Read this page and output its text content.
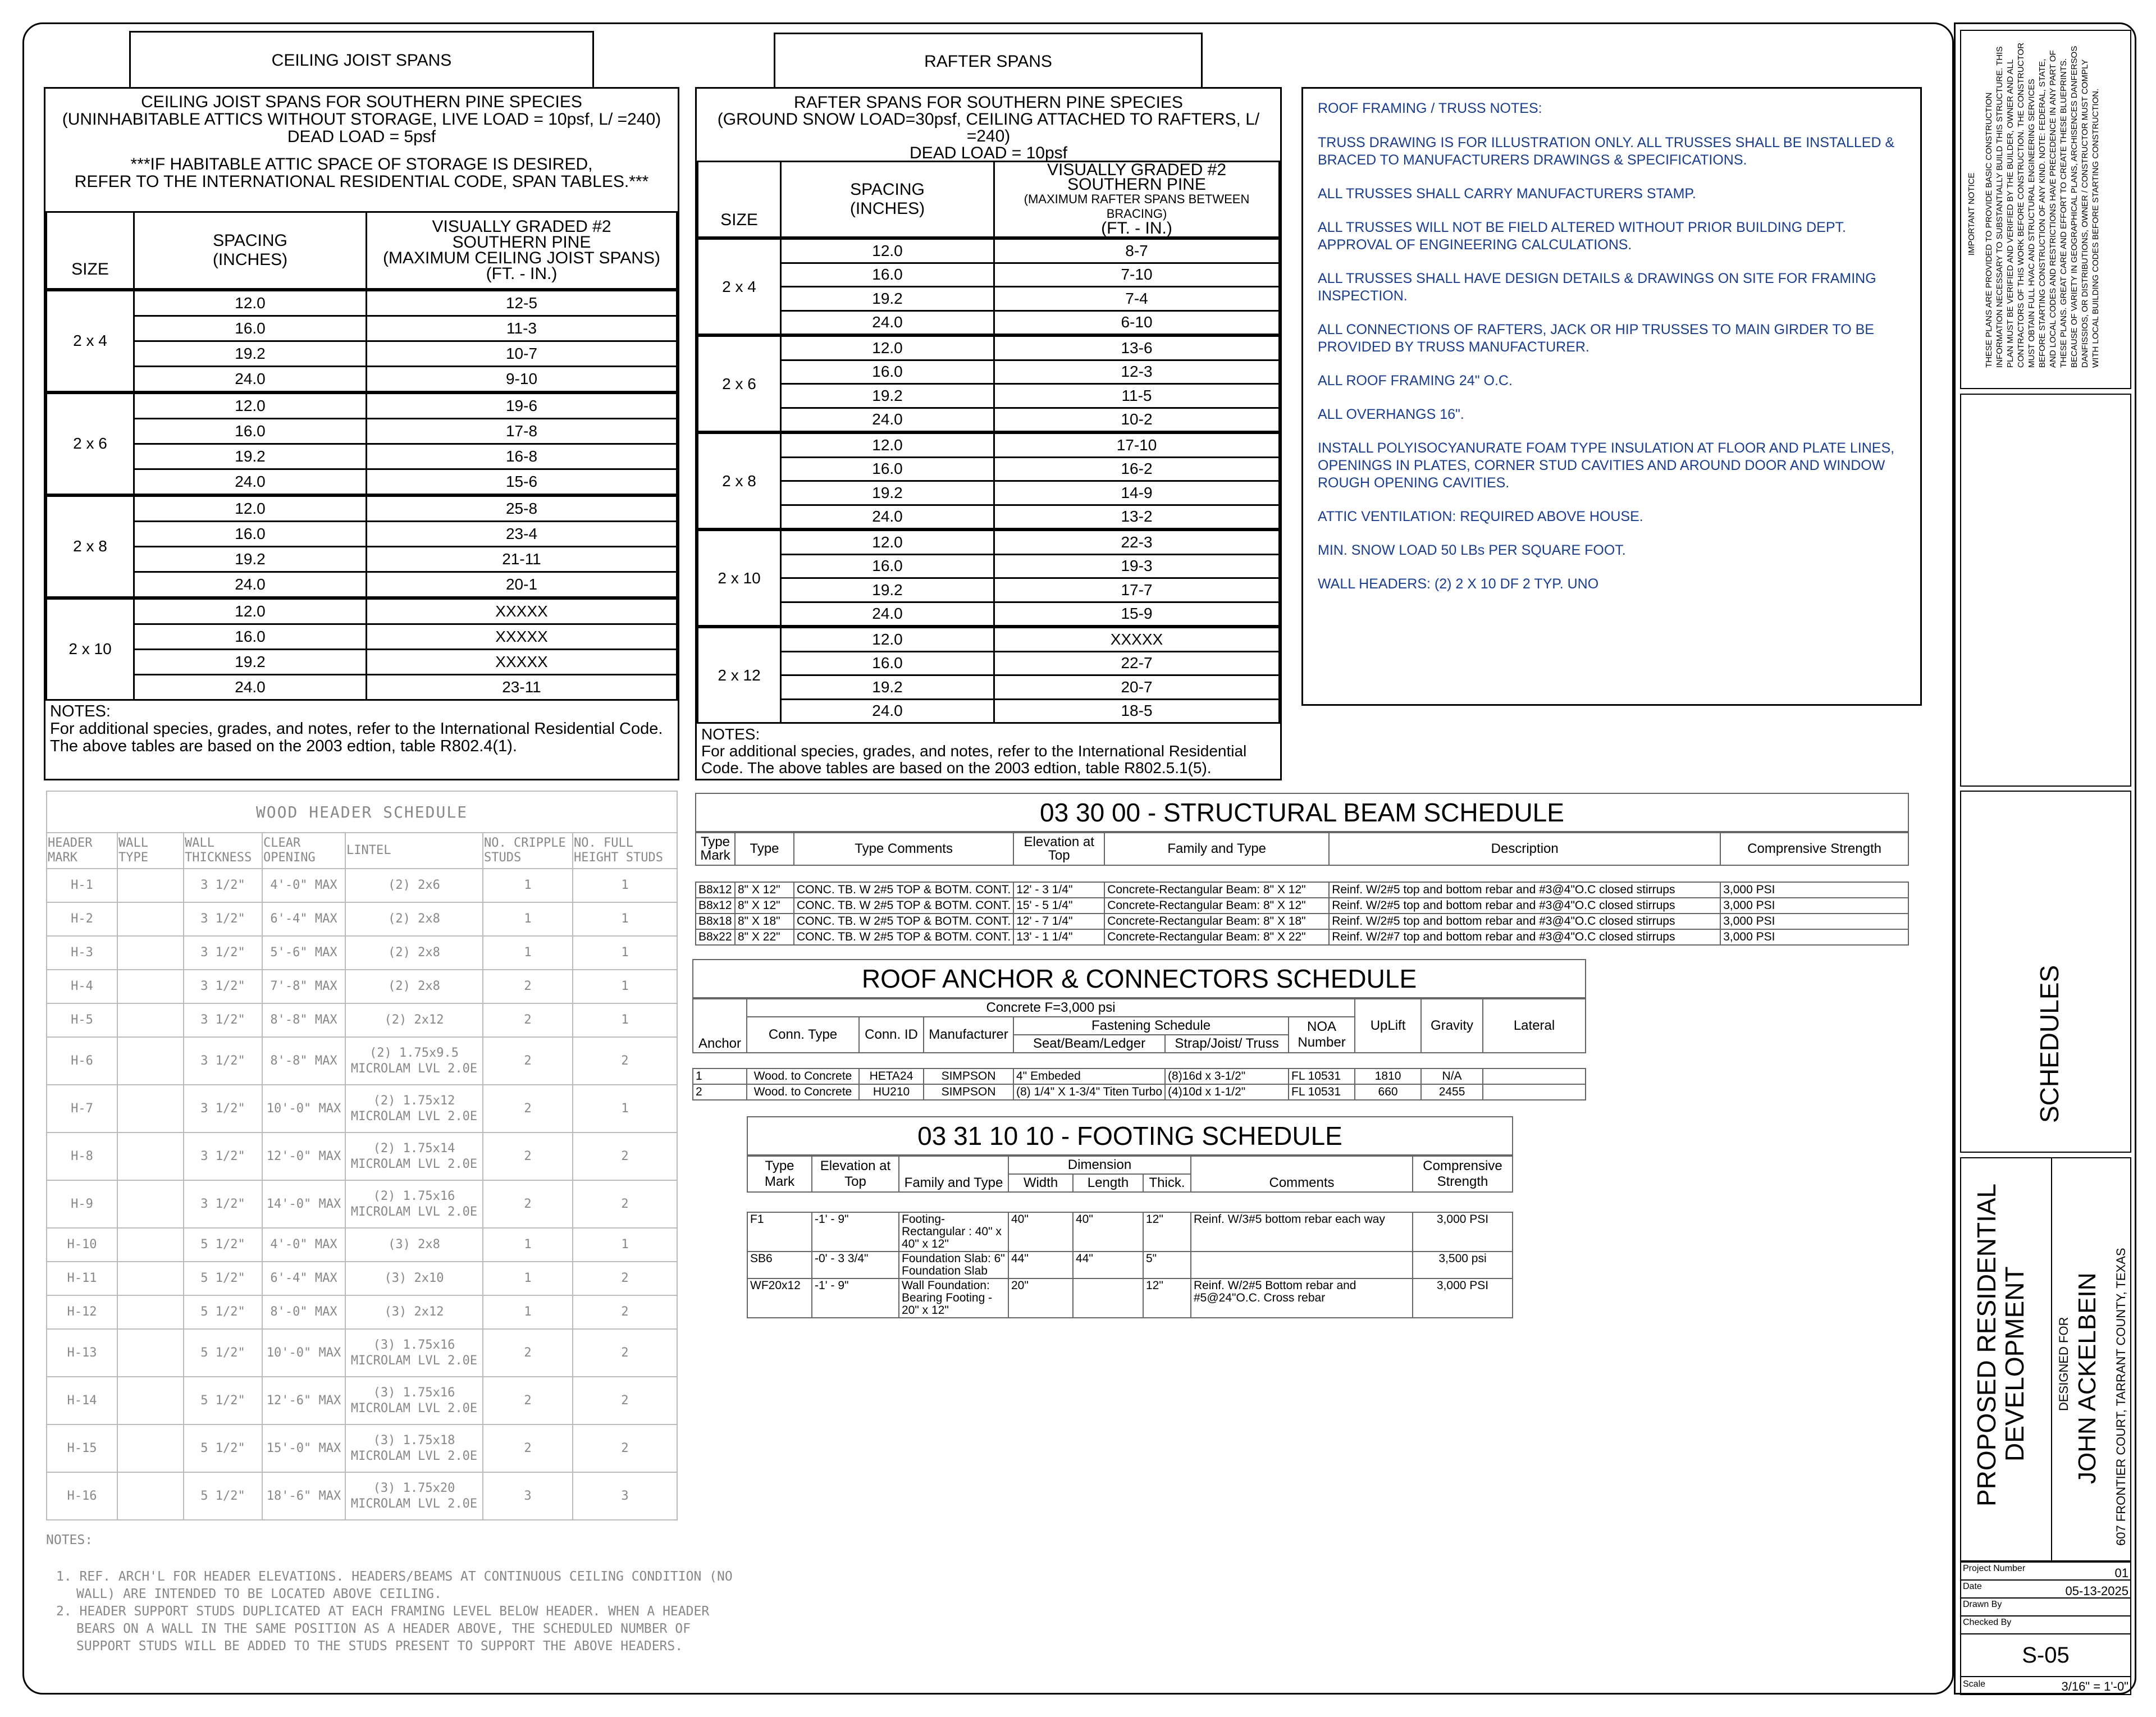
CEILING JOIST SPANS
CEILING JOIST SPANS FOR SOUTHERN PINE SPECIES
(UNINHABITABLE ATTICS WITHOUT STORAGE, LIVE LOAD = 10psf, L/ =240)
DEAD LOAD = 5psf
***IF HABITABLE ATTIC SPACE OF STORAGE IS DESIRED,
REFER TO THE INTERNATIONAL RESIDENTIAL CODE, SPAN TABLES.***
SIZE	SPACING (INCHES)	VISUALLY GRADED #2
SOUTHERN PINE
(MAXIMUM CEILING JOIST SPANS)
(FT. - IN.)

2 x 4	12.0	12-5
	16.0	11-3
	19.2	10-7
	24.0	9-10
2 x 6	12.0	19-6
	16.0	17-8
	19.2	16-8
	24.0	15-6
2 x 8	12.0	25-8
	16.0	23-4
	19.2	21-11
	24.0	20-1
2 x 10	12.0	XXXXX
	16.0	XXXXX
	19.2	XXXXX
	24.0	23-11
NOTES:
For additional species, grades, and notes, refer to the International Residential Code. The above tables are based on the 2003 edtion, table R802.4(1).
RAFTER SPANS
RAFTER SPANS FOR SOUTHERN PINE SPECIES
(GROUND SNOW LOAD=30psf, CEILING ATTACHED TO RAFTERS, L/ =240)
DEAD LOAD = 10psf
SIZE	SPACING (INCHES)	VISUALLY GRADED #2
SOUTHERN PINE
(MAXIMUM RAFTER SPANS BETWEEN BRACING)
(FT. - IN.)

2 x 4	12.0	8-7
	16.0	7-10
	19.2	7-4
	24.0	6-10
2 x 6	12.0	13-6
	16.0	12-3
	19.2	11-5
	24.0	10-2
2 x 8	12.0	17-10
	16.0	16-2
	19.2	14-9
	24.0	13-2
2 x 10	12.0	22-3
	16.0	19-3
	19.2	17-7
	24.0	15-9
2 x 12	12.0	XXXXX
	16.0	22-7
	19.2	20-7
	24.0	18-5
NOTES:
For additional species, grades, and notes, refer to the International Residential Code. The above tables are based on the 2003 edtion, table R802.5.1(5).
ROOF FRAMING / TRUSS NOTES:
TRUSS DRAWING IS FOR ILLUSTRATION ONLY. ALL TRUSSES SHALL BE INSTALLED & BRACED TO MANUFACTURERS DRAWINGS & SPECIFICATIONS.
ALL TRUSSES SHALL CARRY MANUFACTURERS STAMP.
ALL TRUSSES WILL NOT BE FIELD ALTERED WITHOUT PRIOR BUILDING DEPT. APPROVAL OF ENGINEERING CALCULATIONS.
ALL TRUSSES SHALL HAVE DESIGN DETAILS & DRAWINGS ON SITE FOR FRAMING INSPECTION.
ALL CONNECTIONS OF RAFTERS, JACK OR HIP TRUSSES TO MAIN GIRDER TO BE PROVIDED BY TRUSS MANUFACTURER.
ALL ROOF FRAMING 24" O.C.
ALL OVERHANGS 16".
INSTALL POLYISOCYANURATE FOAM TYPE INSULATION AT FLOOR AND PLATE LINES, OPENINGS IN PLATES, CORNER STUD CAVITIES AND AROUND DOOR AND WINDOW ROUGH OPENING CAVITIES.
ATTIC VENTILATION: REQUIRED ABOVE HOUSE.
MIN. SNOW LOAD 50 LBs PER SQUARE FOOT.
WALL HEADERS: (2) 2 X 10 DF 2 TYP. UNO
WOOD HEADER SCHEDULE						
HEADER MARK	WALL TYPE	WALL THICKNESS	CLEAR OPENING	LINTEL	NO. CRIPPLE STUDS	NO. FULL HEIGHT STUDS
H-1		3 1/2"	4'-0" MAX	(2) 2x6	1	1
H-2		3 1/2"	6'-4" MAX	(2) 2x8	1	1
H-3		3 1/2"	5'-6" MAX	(2) 2x8	1	1
H-4		3 1/2"	7'-8" MAX	(2) 2x8	2	1
H-5		3 1/2"	8'-8" MAX	(2) 2x12	2	1
H-6		3 1/2"	8'-8" MAX	(2) 1.75x9.5 MICROLAM LVL 2.0E	2	2
H-7		3 1/2"	10'-0" MAX	(2) 1.75x12 MICROLAM LVL 2.0E	2	1
H-8		3 1/2"	12'-0" MAX	(2) 1.75x14 MICROLAM LVL 2.0E	2	2
H-9		3 1/2"	14'-0" MAX	(2) 1.75x16 MICROLAM LVL 2.0E	2	2
H-10		5 1/2"	4'-0" MAX	(3) 2x8	1	1
H-11		5 1/2"	6'-4" MAX	(3) 2x10	1	2
H-12		5 1/2"	8'-0" MAX	(3) 2x12	1	2
H-13		5 1/2"	10'-0" MAX	(3) 1.75x16 MICROLAM LVL 2.0E	2	2
H-14		5 1/2"	12'-6" MAX	(3) 1.75x16 MICROLAM LVL 2.0E	2	2
H-15		5 1/2"	15'-0" MAX	(3) 1.75x18 MICROLAM LVL 2.0E	2	2
H-16		5 1/2"	18'-6" MAX	(3) 1.75x20 MICROLAM LVL 2.0E	3	3
NOTES:
1. REF. ARCH'L FOR HEADER ELEVATIONS. HEADERS/BEAMS AT CONTINUOUS CEILING CONDITION (NO WALL) ARE INTENDED TO BE LOCATED ABOVE CEILING.
2. HEADER SUPPORT STUDS DUPLICATED AT EACH FRAMING LEVEL BELOW HEADER. WHEN A HEADER BEARS ON A WALL IN THE SAME POSITION AS A HEADER ABOVE, THE SCHEDULED NUMBER OF SUPPORT STUDS WILL BE ADDED TO THE STUDS PRESENT TO SUPPORT THE ABOVE HEADERS.
03 30 00 - STRUCTURAL BEAM SCHEDULE
Type Mark	Type	Type Comments	Elevation at Top	Family and Type	Description	Comprensive Strength

B8x12	8" X 12"	CONC. TB. W 2#5 TOP & BOTM. CONT.	12' - 3 1/4"	Concrete-Rectangular Beam: 8" X 12"	Reinf. W/2#5 top and bottom rebar and #3@4"O.C closed stirrups	3,000 PSI
B8x12	8" X 12"	CONC. TB. W 2#5 TOP & BOTM. CONT.	15' - 5 1/4"	Concrete-Rectangular Beam: 8" X 12"	Reinf. W/2#5 top and bottom rebar and #3@4"O.C closed stirrups	3,000 PSI
B8x18	8" X 18"	CONC. TB. W 2#5 TOP & BOTM. CONT.	12' - 7 1/4"	Concrete-Rectangular Beam: 8" X 18"	Reinf. W/2#5 top and bottom rebar and #3@4"O.C closed stirrups	3,000 PSI
B8x22	8" X 22"	CONC. TB. W 2#5 TOP & BOTM. CONT.	13' - 1 1/4"	Concrete-Rectangular Beam: 8" X 22"	Reinf. W/2#7 top and bottom rebar and #3@4"O.C closed stirrups	3,000 PSI
ROOF ANCHOR & CONNECTORS SCHEDULE
Anchor	Concrete F=3,000 psi						UpLift	Gravity	Lateral
	Conn. Type	Conn. ID	Manufacturer	Fastening Schedule		NOA Number			
				Seat/Beam/Ledger	Strap/Joist/ Truss				

1	Wood. to Concrete	HETA24	SIMPSON	4" Embeded	(8)16d x 3-1/2"	FL 10531	1810	N/A	
2	Wood. to Concrete	HU210	SIMPSON	(8) 1/4" X 1-3/4" Titen Turbo	(4)10d x 1-1/2"	FL 10531	660	2455	
03 31 10 10 - FOOTING SCHEDULE
Type Mark	Elevation at Top	Family and Type	Dimension			Comments	Comprensive Strength
			Width	Length	Thick.		

F1	-1' - 9"	Footing-Rectangular : 40" x 40" x 12"	40"	40"	12"	Reinf. W/3#5 bottom rebar each way	3,000 PSI
SB6	-0' - 3 3/4"	Foundation Slab: 6" Foundation Slab	44"	44"	5"		3,500 psi
WF20x12	-1' - 9"	Wall Foundation: Bearing Footing - 20" x 12"	20"		12"	Reinf. W/2#5 Bottom rebar and #5@24"O.C. Cross rebar	3,000 PSI
IMPORTANT NOTICE THESE PLANS ARE PROVIDED TO PROVIDE BASIC CONSTRUCTION INFORMATION NECESSARY TO SUBSTANTIALLY BUILD THIS STRUCTURE. THIS PLAN MUST BE VERIFIED AND VERIFIED BY THE BUILDER, OWNER AND ALL CONTRACTORS OF THIS WORK BEFORE CONSTRUCTION. THE CONSTRUCTOR MUST OBTAIN FULL HVAC AND STRUCTURAL ENGINEERING SERVICES BEFORE STARTING CONSTRUCTION OF ANY KIND. NOTE: FEDERAL, STATE, AND LOCAL CODES AND RESTRICTIONS HAVE PRECEDENCE IN ANY PART OF THESE PLANS. GREAT CARE AND EFFORT TO CREATE THESE BLUEPRINTS. BECAUSE OF VARIETY IN GEOGRAPHICAL PLANS, ARCHISENCES DANFERSOS DANFISSIOS, OR DISTRIBUTIONS, OWNER / CONSTRUCTOR MUST COMPLY WITH LOCAL BUILDING CODES BEFORE STARTING CONSTRUCTION.
SCHEDULES
PROPOSED RESIDENTIAL
DEVELOPMENT DESIGNED FOR JOHN ACKELBEIN 607 FRONTIER COURT, TARRANT COUNTY, TEXAS
Project Number	01
Date	05-13-2025
Drawn By
Checked By
S-05
Scale	3/16" = 1'-0"
